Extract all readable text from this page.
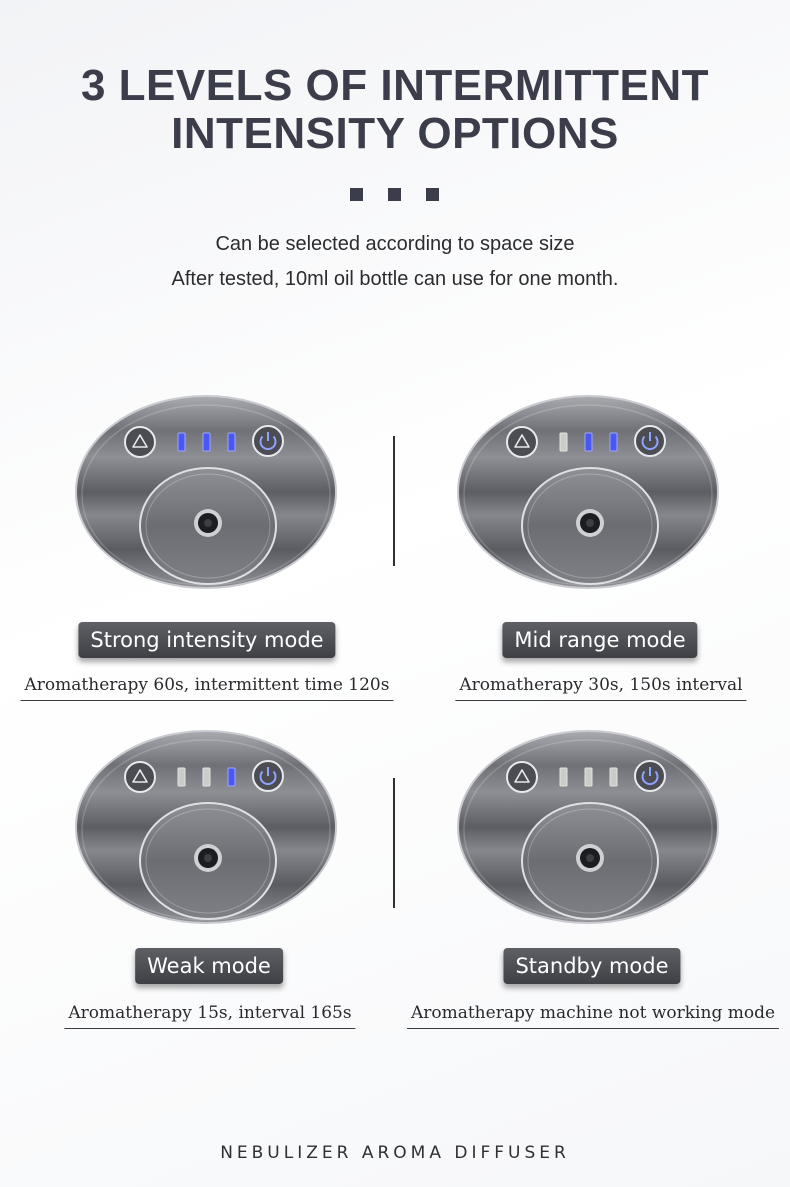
3 LEVELS OF INTERMITTENT
INTENSITY OPTIONS
Can be selected according to space size
After tested, 10ml oil bottle can use for one month.
Strong intensity mode	Mid range mode
Weak mode	Standby mode
Aromatherapy 60s, intermittent time 120s	Aromatherapy 30s, 150s interval
Aromatherapy 15s, interval 165s	Aromatherapy machine not working mode
NEBULIZER AROMA DIFFUSER
